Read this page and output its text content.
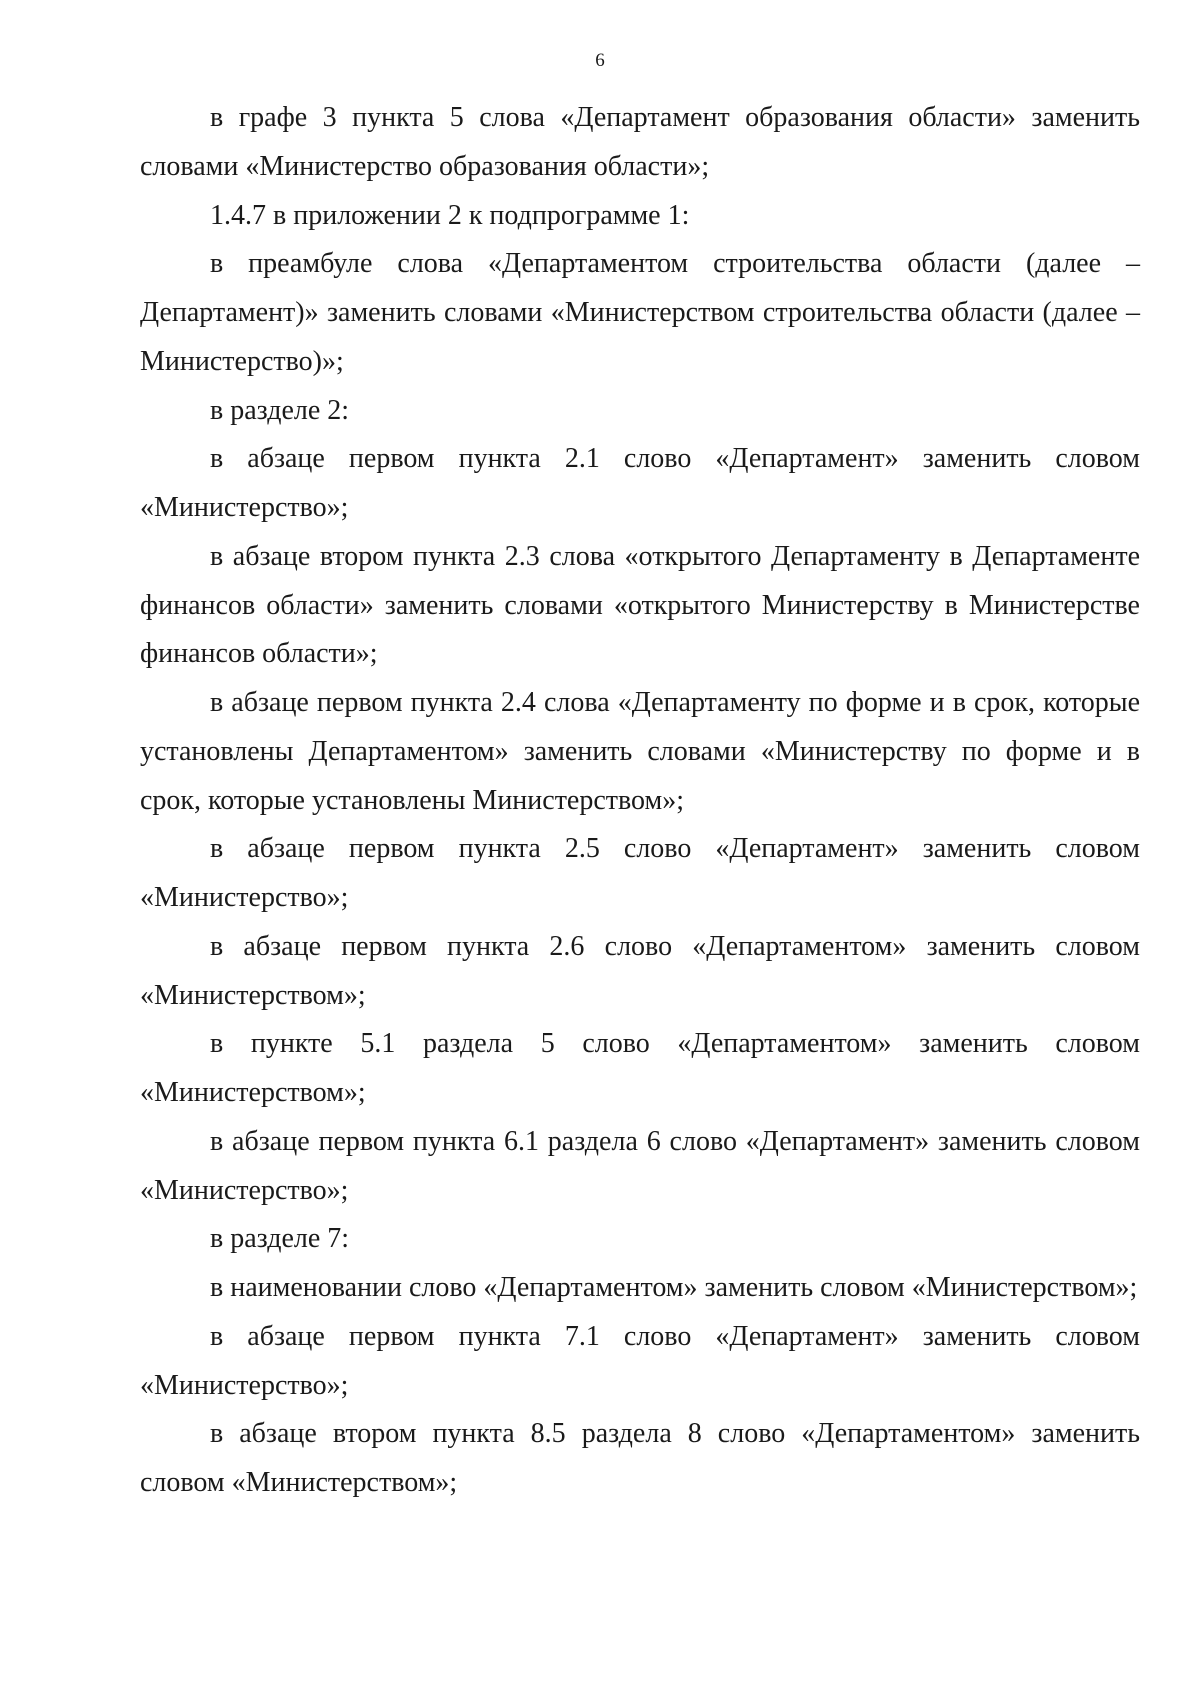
6

в графе 3 пункта 5 слова «Департамент образования области» заменить словами «Министерство образования области»;

1.4.7 в приложении 2 к подпрограмме 1:

в преамбуле слова «Департаментом строительства области (далее – Департамент)» заменить словами «Министерством строительства области (далее – Министерство)»;

в разделе 2:

в абзаце первом пункта 2.1 слово «Департамент» заменить словом «Министерство»;

в абзаце втором пункта 2.3 слова «открытого Департаменту в Департаменте финансов области» заменить словами «открытого Министерству в Министерстве финансов области»;

в абзаце первом пункта 2.4 слова «Департаменту по форме и в срок, которые установлены Департаментом» заменить словами «Министерству по форме и в срок, которые установлены Министерством»;

в абзаце первом пункта 2.5 слово «Департамент» заменить словом «Министерство»;

в абзаце первом пункта 2.6 слово «Департаментом» заменить словом «Министерством»;

в пункте 5.1 раздела 5 слово «Департаментом» заменить словом «Министерством»;

в абзаце первом пункта 6.1 раздела 6 слово «Департамент» заменить словом «Министерство»;

в разделе 7:

в наименовании слово «Департаментом» заменить словом «Министерством»;

в абзаце первом пункта 7.1 слово «Департамент» заменить словом «Министерство»;

в абзаце втором пункта 8.5 раздела 8 слово «Департаментом» заменить словом «Министерством»;
